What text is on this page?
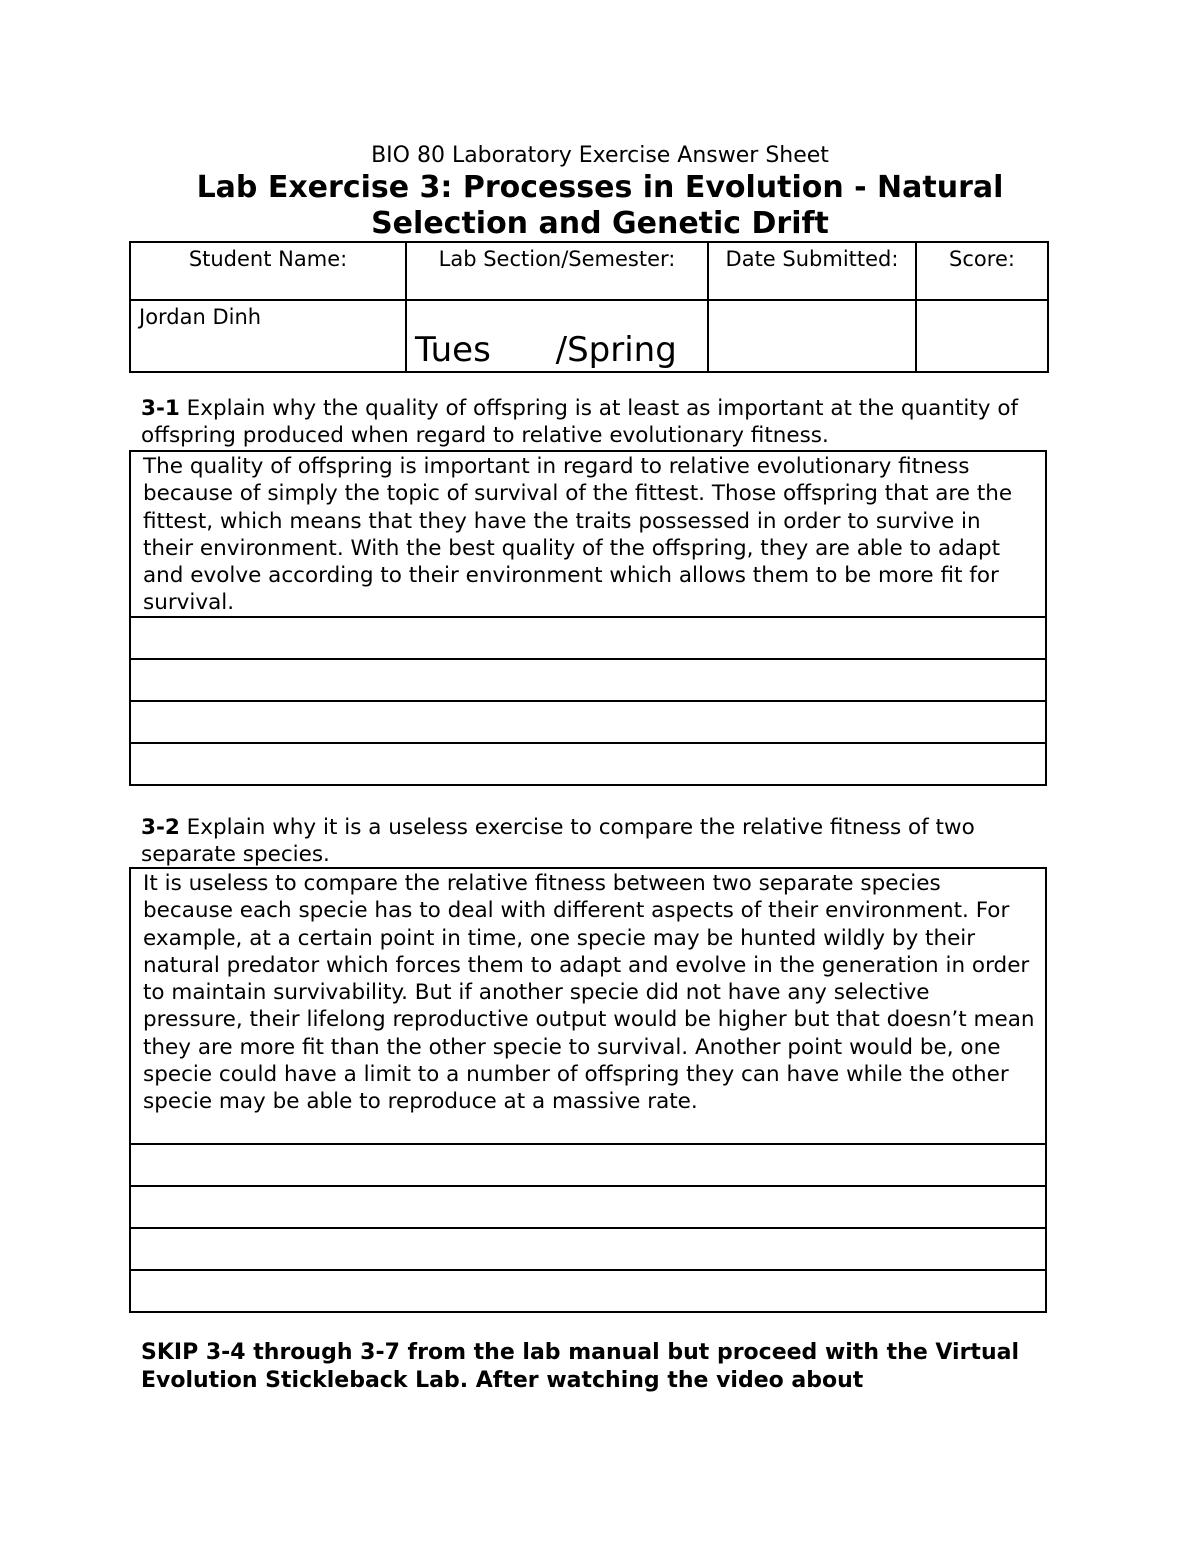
BIO 80 Laboratory Exercise Answer Sheet
Lab Exercise 3: Processes in Evolution - Natural Selection and Genetic Drift
Student Name:	Lab Section/Semester:	Date Submitted:	Score:

Jordan Dinh	Tues      /Spring		

3-1 Explain why the quality of offspring is at least as important at the quantity of offspring produced when regard to relative evolutionary fitness.
The quality of offspring is important in regard to relative evolutionary fitness because of simply the topic of survival of the fittest. Those offspring that are the fittest, which means that they have the traits possessed in order to survive in their environment. With the best quality of the offspring, they are able to adapt and evolve according to their environment which allows them to be more fit for survival.
3-2 Explain why it is a useless exercise to compare the relative fitness of two separate species.
It is useless to compare the relative fitness between two separate species because each specie has to deal with different aspects of their environment. For example, at a certain point in time, one specie may be hunted wildly by their natural predator which forces them to adapt and evolve in the generation in order to maintain survivability. But if another specie did not have any selective pressure, their lifelong reproductive output would be higher but that doesn’t mean they are more fit than the other specie to survival. Another point would be, one specie could have a limit to a number of offspring they can have while the other specie may be able to reproduce at a massive rate.
SKIP 3-4 through 3-7 from the lab manual but proceed with the Virtual Evolution Stickleback Lab. After watching the video about
